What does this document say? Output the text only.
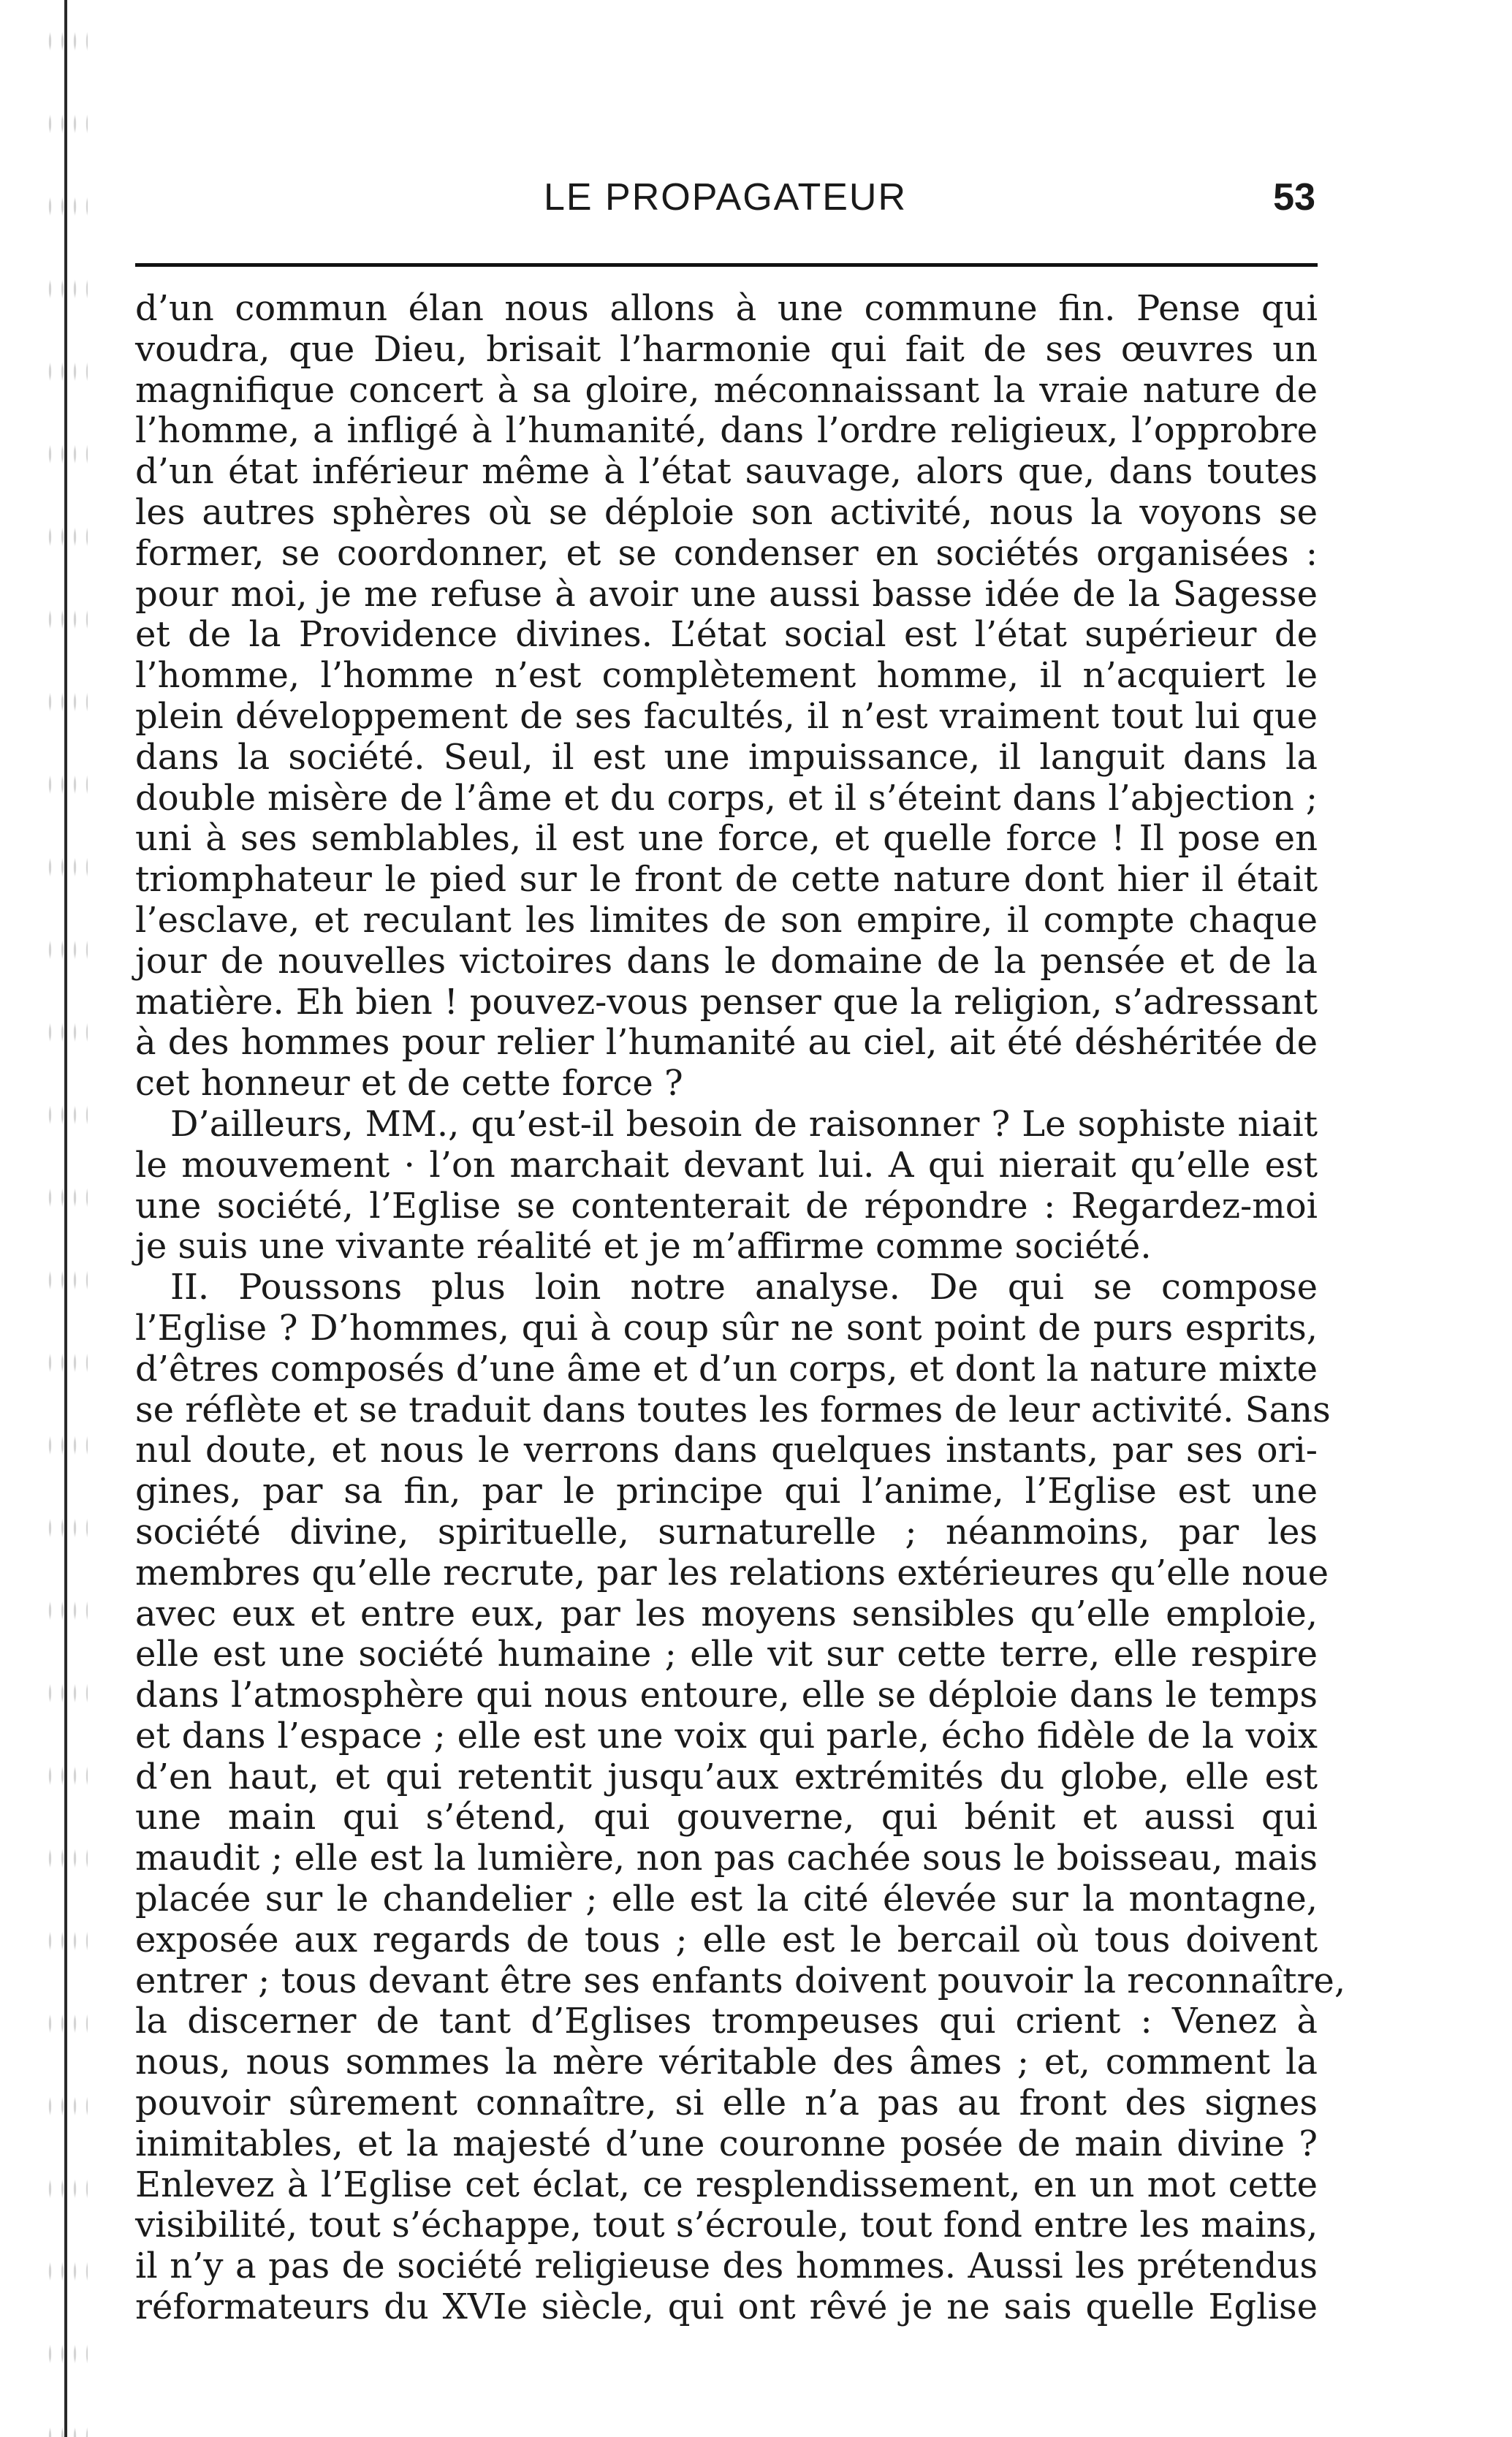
LE PROPAGATEUR	53
d’un commun élan nous allons à une commune fin. Pense qui
voudra, que Dieu, brisait l’harmonie qui fait de ses œuvres un
magnifique concert à sa gloire, méconnaissant la vraie nature de
l’homme, a infligé à l’humanité, dans l’ordre religieux, l’opprobre
d’un état inférieur même à l’état sauvage, alors que, dans toutes
les autres sphères où se déploie son activité, nous la voyons se
former, se coordonner, et se condenser en sociétés organisées :
pour moi, je me refuse à avoir une aussi basse idée de la Sagesse
et de la Providence divines. L’état social est l’état supérieur de
l’homme, l’homme n’est complètement homme, il n’acquiert le
plein développement de ses facultés, il n’est vraiment tout lui que
dans la société. Seul, il est une impuissance, il languit dans la
double misère de l’âme et du corps, et il s’éteint dans l’abjection ;
uni à ses semblables, il est une force, et quelle force ! Il pose en
triomphateur le pied sur le front de cette nature dont hier il était
l’esclave, et reculant les limites de son empire, il compte chaque
jour de nouvelles victoires dans le domaine de la pensée et de la
matière. Eh bien ! pouvez-vous penser que la religion, s’adressant
à des hommes pour relier l’humanité au ciel, ait été déshéritée de
cet honneur et de cette force ?
D’ailleurs, MM., qu’est-il besoin de raisonner ? Le sophiste niait
le mouvement · l’on marchait devant lui. A qui nierait qu’elle est
une société, l’Eglise se contenterait de répondre : Regardez-moi
je suis une vivante réalité et je m’affirme comme société.
II. Poussons plus loin notre analyse. De qui se compose
l’Eglise ? D’hommes, qui à coup sûr ne sont point de purs esprits,
d’êtres composés d’une âme et d’un corps, et dont la nature mixte
se réflète et se traduit dans toutes les formes de leur activité. Sans
nul doute, et nous le verrons dans quelques instants, par ses ori-
gines, par sa fin, par le principe qui l’anime, l’Eglise est une
société divine, spirituelle, surnaturelle ; néanmoins, par les
membres qu’elle recrute, par les relations extérieures qu’elle noue
avec eux et entre eux, par les moyens sensibles qu’elle emploie,
elle est une société humaine ; elle vit sur cette terre, elle respire
dans l’atmosphère qui nous entoure, elle se déploie dans le temps
et dans l’espace ; elle est une voix qui parle, écho fidèle de la voix
d’en haut, et qui retentit jusqu’aux extrémités du globe, elle est
une main qui s’étend, qui gouverne, qui bénit et aussi qui
maudit ; elle est la lumière, non pas cachée sous le boisseau, mais
placée sur le chandelier ; elle est la cité élevée sur la montagne,
exposée aux regards de tous ; elle est le bercail où tous doivent
entrer ; tous devant être ses enfants doivent pouvoir la reconnaître,
la discerner de tant d’Eglises trompeuses qui crient : Venez à
nous, nous sommes la mère véritable des âmes ; et, comment la
pouvoir sûrement connaître, si elle n’a pas au front des signes
inimitables, et la majesté d’une couronne posée de main divine ?
Enlevez à l’Eglise cet éclat, ce resplendissement, en un mot cette
visibilité, tout s’échappe, tout s’écroule, tout fond entre les mains,
il n’y a pas de société religieuse des hommes. Aussi les prétendus
réformateurs du XVIe siècle, qui ont rêvé je ne sais quelle Eglise
